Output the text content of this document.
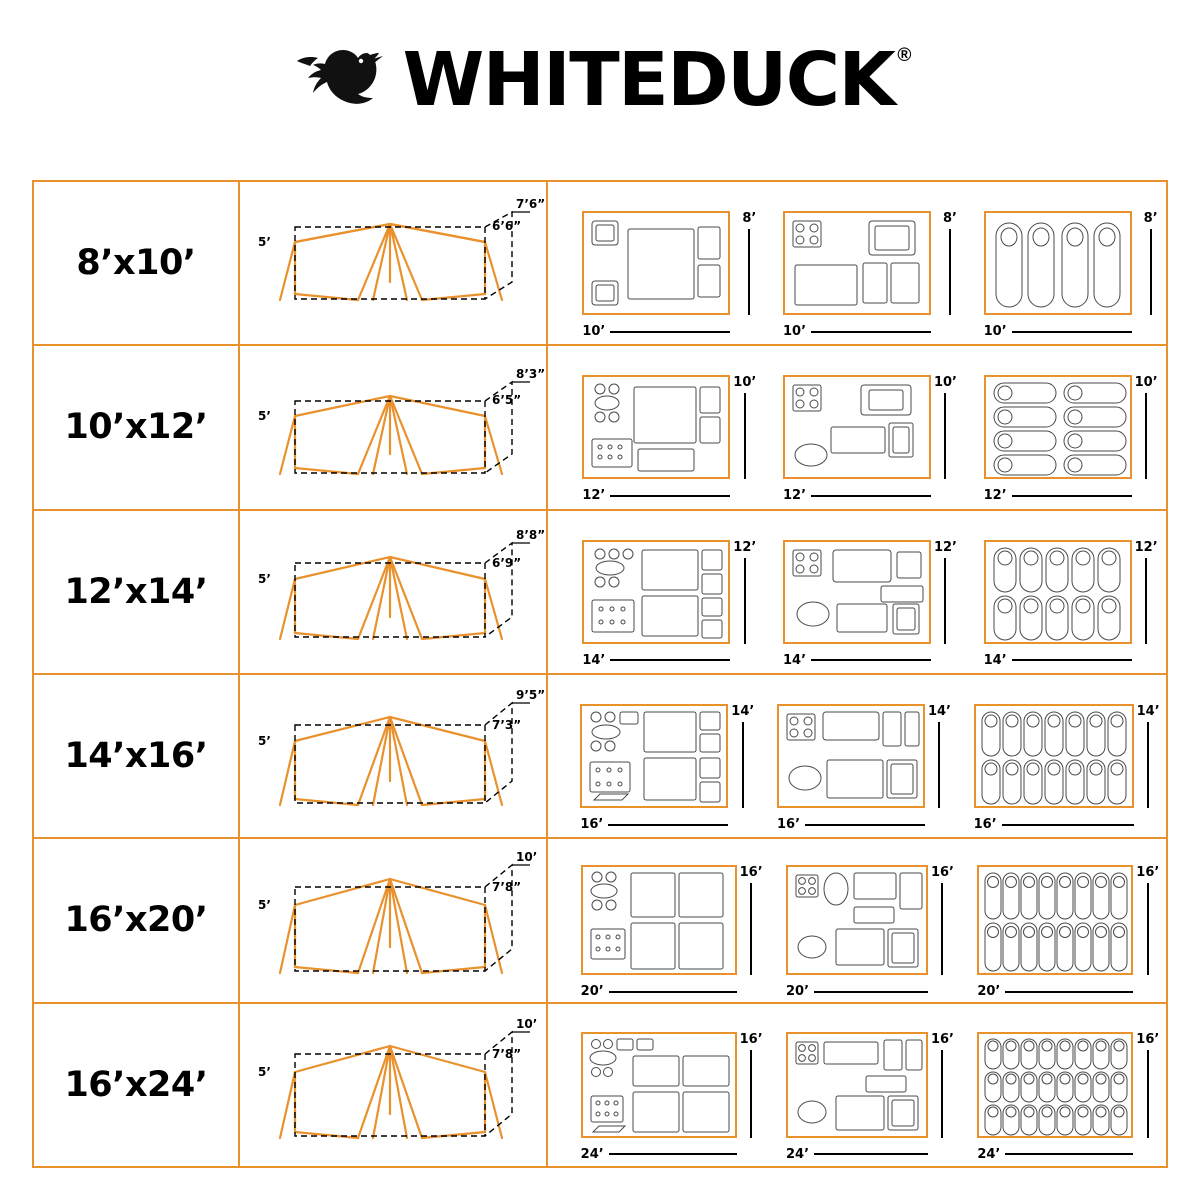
WHITEDUCK ®
8’x10’
7’6”
6’6”
5’
8’
10’
8’
10’
8’
10’
10’x12’
8’3”
6’5”
5’
10’
12’
10’
12’
10’
12’
12’x14’
8’8”
6’9”
5’
12’
14’
12’
14’
12’
14’
14’x16’
9’5”
7’3”
5’
14’
16’
14’
16’
14’
16’
16’x20’
10’
7’8”
5’
16’
20’
16’
20’
16’
20’
16’x24’
10’
7’8”
5’
16’
24’
16’
24’
16’
24’
